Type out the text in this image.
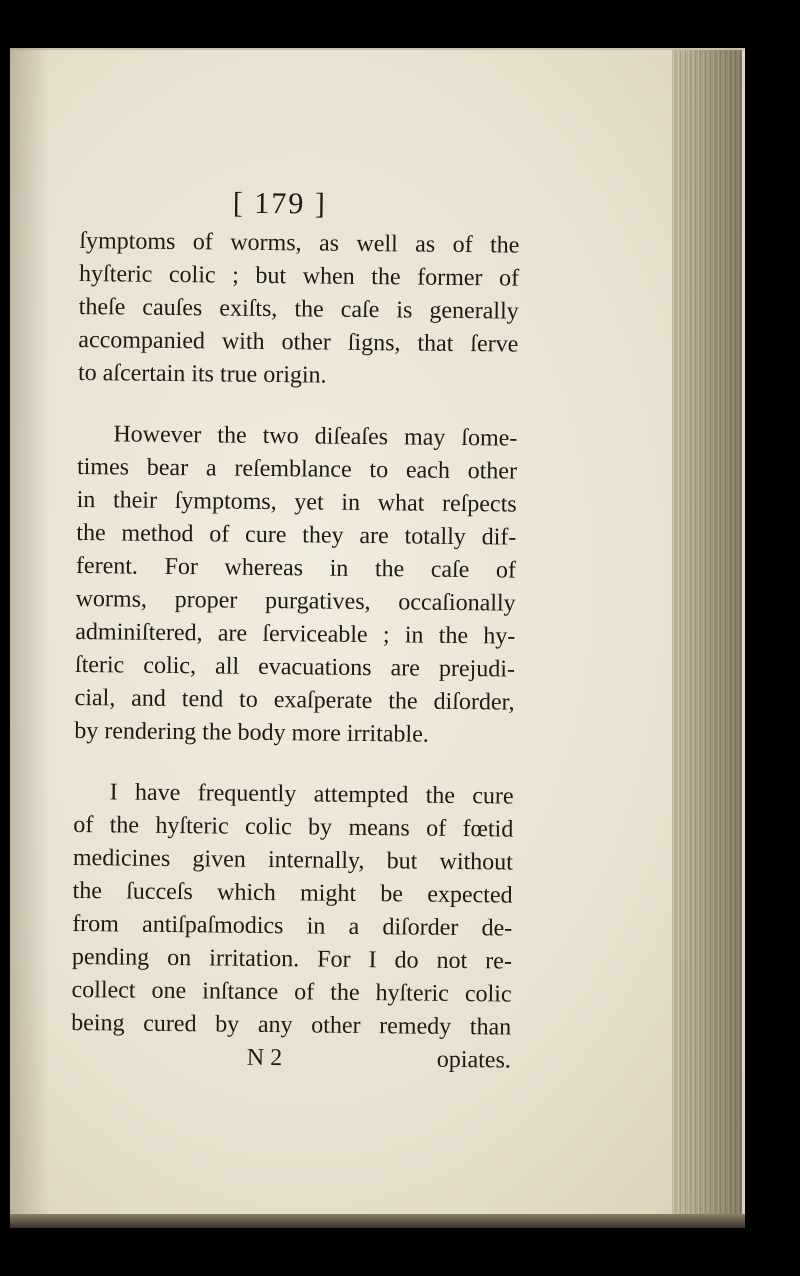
[ 179 ]
ſymptoms of worms, as well as of the
hyſteric colic ; but when the former of
theſe cauſes exiſts, the caſe is generally
accompanied with other ſigns, that ſerve
to aſcertain its true origin.
However the two diſeaſes may ſome-
times bear a reſemblance to each other
in their ſymptoms, yet in what reſpects
the method of cure they are totally dif-
ferent. For whereas in the caſe of
worms, proper purgatives, occaſionally
adminiſtered, are ſerviceable ; in the hy-
ſteric colic, all evacuations are prejudi-
cial, and tend to exaſperate the diſorder,
by rendering the body more irritable.
I have frequently attempted the cure
of the hyſteric colic by means of fœtid
medicines given internally, but without
the ſucceſs which might be expected
from antiſpaſmodics in a diſorder de-
pending on irritation. For I do not re-
collect one inſtance of the hyſteric colic
being cured by any other remedy than
N 2	opiates.
